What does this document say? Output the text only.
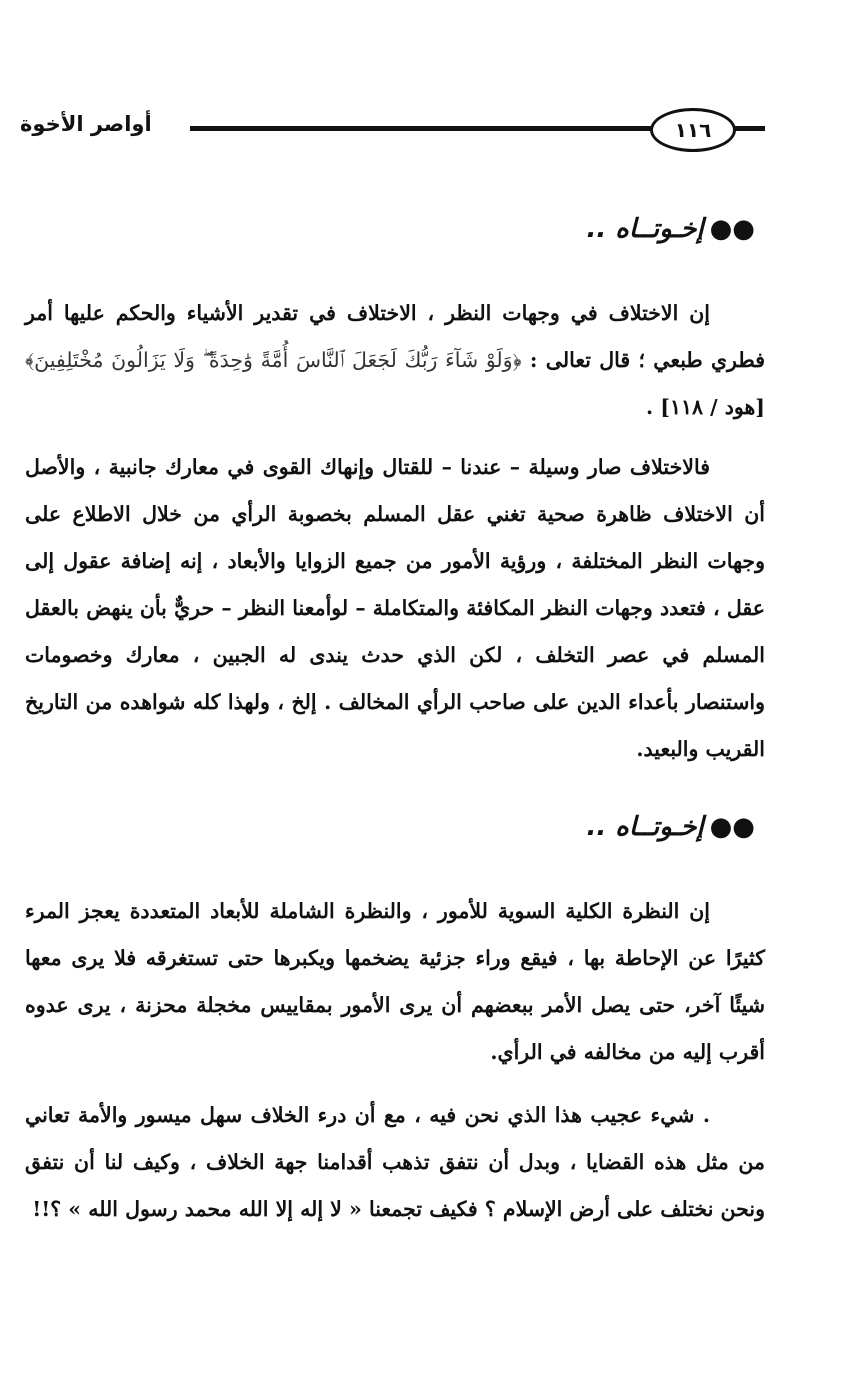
١١٦
أواصر الأخوة
●●إخـوتــاه ..
إن الاختلاف في وجهات النظر ، الاختلاف في تقدير الأشياء والحكم عليها أمر فطري طبعي ؛ قال تعالى : ﴿وَلَوْ شَآءَ رَبُّكَ لَجَعَلَ ٱلنَّاسَ أُمَّةً وَٰحِدَةً ۖ وَلَا يَزَالُونَ مُخْتَلِفِينَ﴾ [هود / ١١٨] .
فالاختلاف صار وسيلة – عندنا – للقتال وإنهاك القوى في معارك جانبية ، والأصل أن الاختلاف ظاهرة صحية تغني عقل المسلم بخصوبة الرأي من خلال الاطلاع على وجهات النظر المختلفة ، ورؤية الأمور من جميع الزوايا والأبعاد ، إنه إضافة عقول إلى عقل ، فتعدد وجهات النظر المكافئة والمتكاملة – لوأمعنا النظر – حريٌّ بأن ينهض بالعقل المسلم في عصر التخلف ، لكن الذي حدث يندى له الجبين ، معارك وخصومات واستنصار بأعداء الدين على صاحب الرأي المخالف . إلخ ، ولهذا كله شواهده من التاريخ القريب والبعيد.
●●إخـوتــاه ..
إن النظرة الكلية السوية للأمور ، والنظرة الشاملة للأبعاد المتعددة يعجز المرء كثيرًا عن الإحاطة بها ، فيقع وراء جزئية يضخمها ويكبرها حتى تستغرقه فلا يرى معها شيئًا آخر، حتى يصل الأمر ببعضهم أن يرى الأمور بمقاييس مخجلة محزنة ، يرى عدوه أقرب إليه من مخالفه في الرأي.
. شيء عجيب هذا الذي نحن فيه ، مع أن درء الخلاف سهل ميسور والأمة تعاني من مثل هذه القضايا ، وبدل أن نتفق تذهب أقدامنا جهة الخلاف ، وكيف لنا أن نتفق ونحن نختلف على أرض الإسلام ؟ فكيف تجمعنا « لا إله إلا الله محمد رسول الله » ؟!!
